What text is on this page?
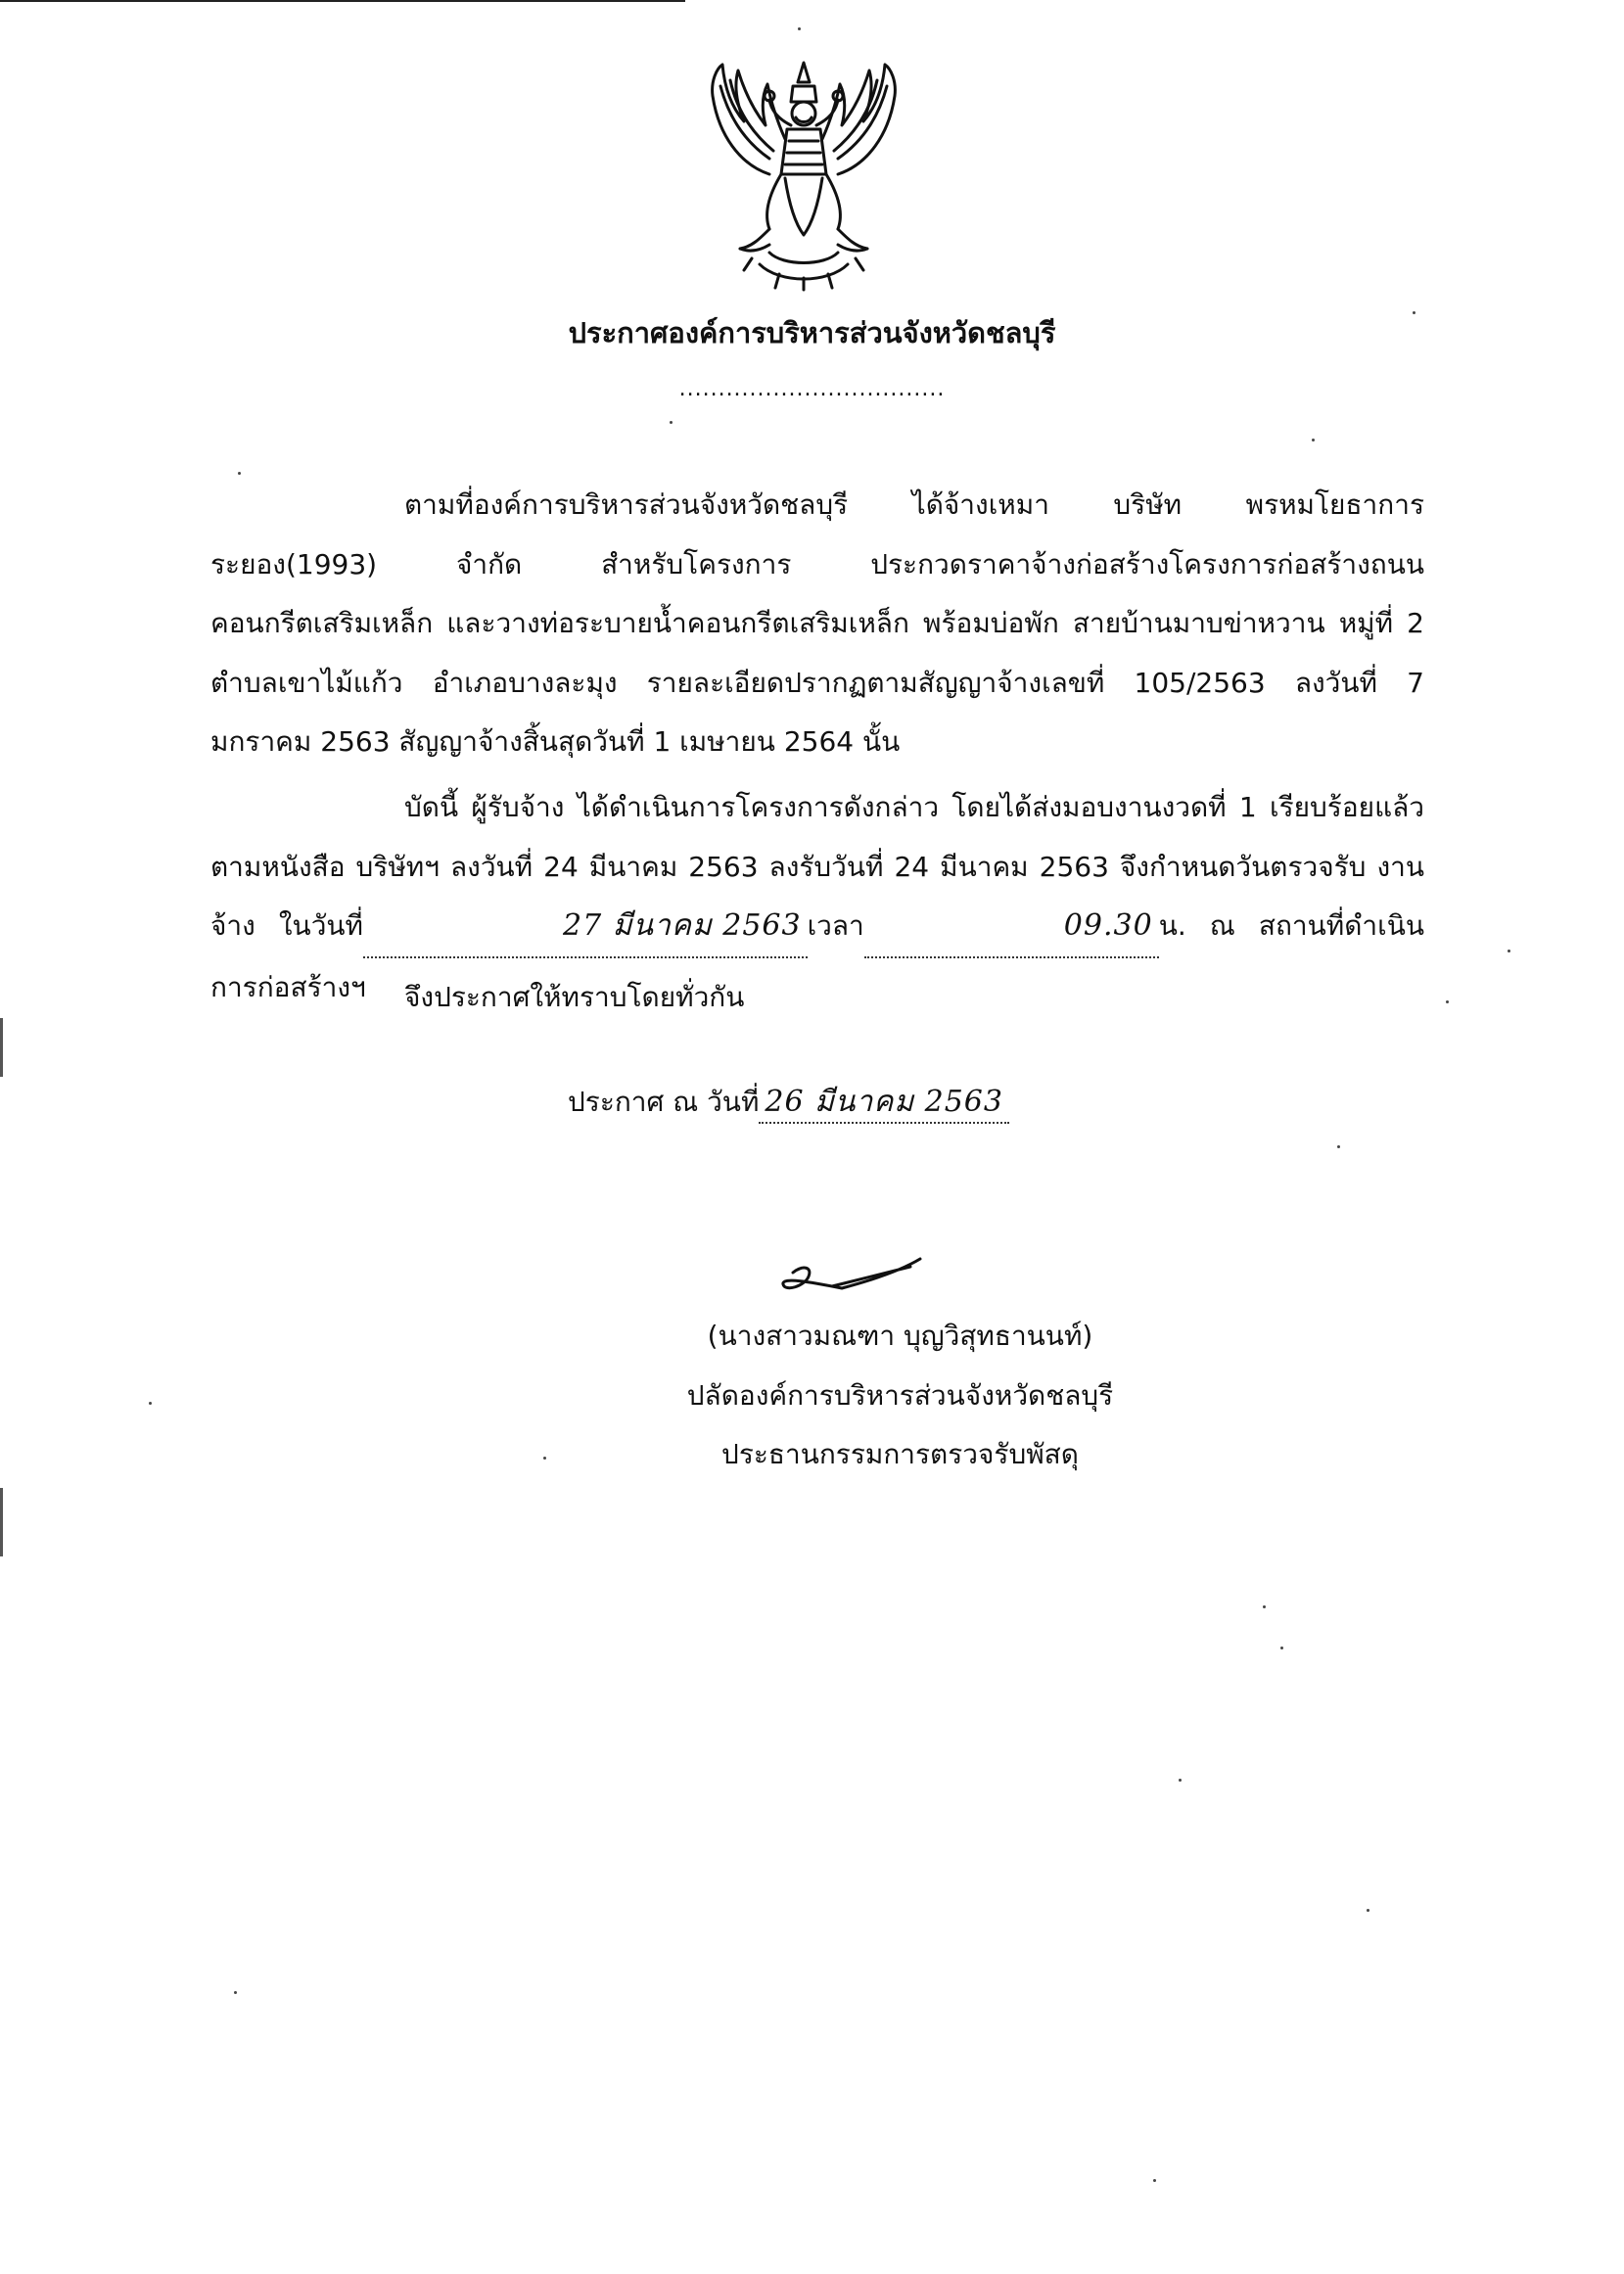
ประกาศองค์การบริหารส่วนจังหวัดชลบุรี
..................................
ตามที่องค์การบริหารส่วนจังหวัดชลบุรี ได้จ้างเหมา บริษัท พรหมโยธาการระยอง(1993) จำกัด สำหรับโครงการ ประกวดราคาจ้างก่อสร้างโครงการก่อสร้างถนนคอนกรีตเสริมเหล็ก และวางท่อระบายน้ำคอนกรีตเสริมเหล็ก พร้อมบ่อพัก สายบ้านมาบข่าหวาน หมู่ที่ 2 ตำบลเขาไม้แก้ว อำเภอบางละมุง รายละเอียดปรากฏตามสัญญาจ้างเลขที่ 105/2563 ลงวันที่ 7 มกราคม 2563 สัญญาจ้างสิ้นสุดวันที่ 1 เมษายน 2564 นั้น
บัดนี้ ผู้รับจ้าง ได้ดำเนินการโครงการดังกล่าว โดยได้ส่งมอบงานงวดที่ 1 เรียบร้อยแล้ว ตามหนังสือ บริษัทฯ ลงวันที่ 24 มีนาคม 2563 ลงรับวันที่ 24 มีนาคม 2563 จึงกำหนดวันตรวจรับ งานจ้าง ในวันที่	27 มีนาคม 2563 เวลา	09.30 น. ณ สถานที่ดำเนินการก่อสร้างฯ	จึงประกาศให้ทราบโดยทั่วกัน
ประกาศ ณ วันที่ 26 มีนาคม 2563
(นางสาวมณฑา บุญวิสุทธานนท์)
ปลัดองค์การบริหารส่วนจังหวัดชลบุรี
ประธานกรรมการตรวจรับพัสดุ
